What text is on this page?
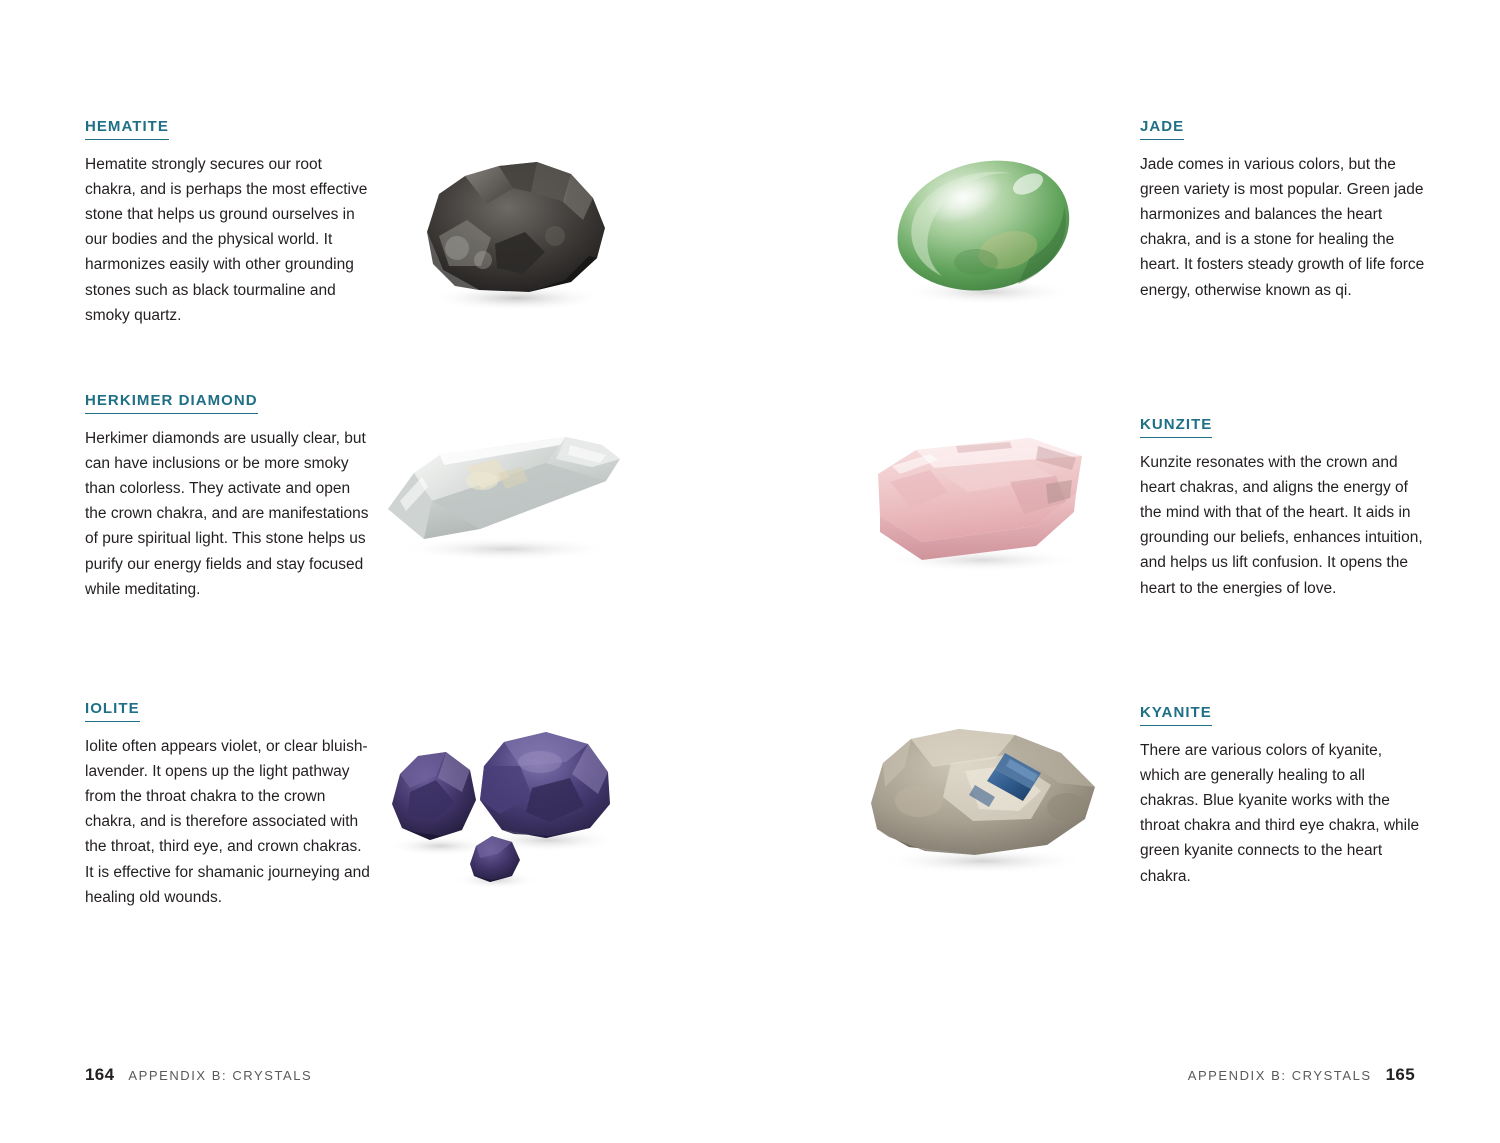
HEMATITE

Hematite strongly secures our root chakra, and is perhaps the most effective stone that helps us ground ourselves in our bodies and the physical world. It harmonizes easily with other grounding stones such as black tourmaline and smoky quartz.

HERKIMER DIAMOND

Herkimer diamonds are usually clear, but can have inclusions or be more smoky than colorless. They activate and open the crown chakra, and are manifestations of pure spiritual light. This stone helps us purify our energy fields and stay focused while meditating.

IOLITE

Iolite often appears violet, or clear bluish-lavender. It opens up the light pathway from the throat chakra to the crown chakra, and is therefore associated with the throat, third eye, and crown chakras. It is effective for shamanic journeying and healing old wounds.

164 APPENDIX B: CRYSTALS
JADE

Jade comes in various colors, but the green variety is most popular. Green jade harmonizes and balances the heart chakra, and is a stone for healing the heart. It fosters steady growth of life force energy, otherwise known as qi.

KUNZITE

Kunzite resonates with the crown and heart chakras, and aligns the energy of the mind with that of the heart. It aids in grounding our beliefs, enhances intuition, and helps us lift confusion. It opens the heart to the energies of love.

KYANITE

There are various colors of kyanite, which are generally healing to all chakras. Blue kyanite works with the throat chakra and third eye chakra, while green kyanite connects to the heart chakra.

APPENDIX B: CRYSTALS 165
